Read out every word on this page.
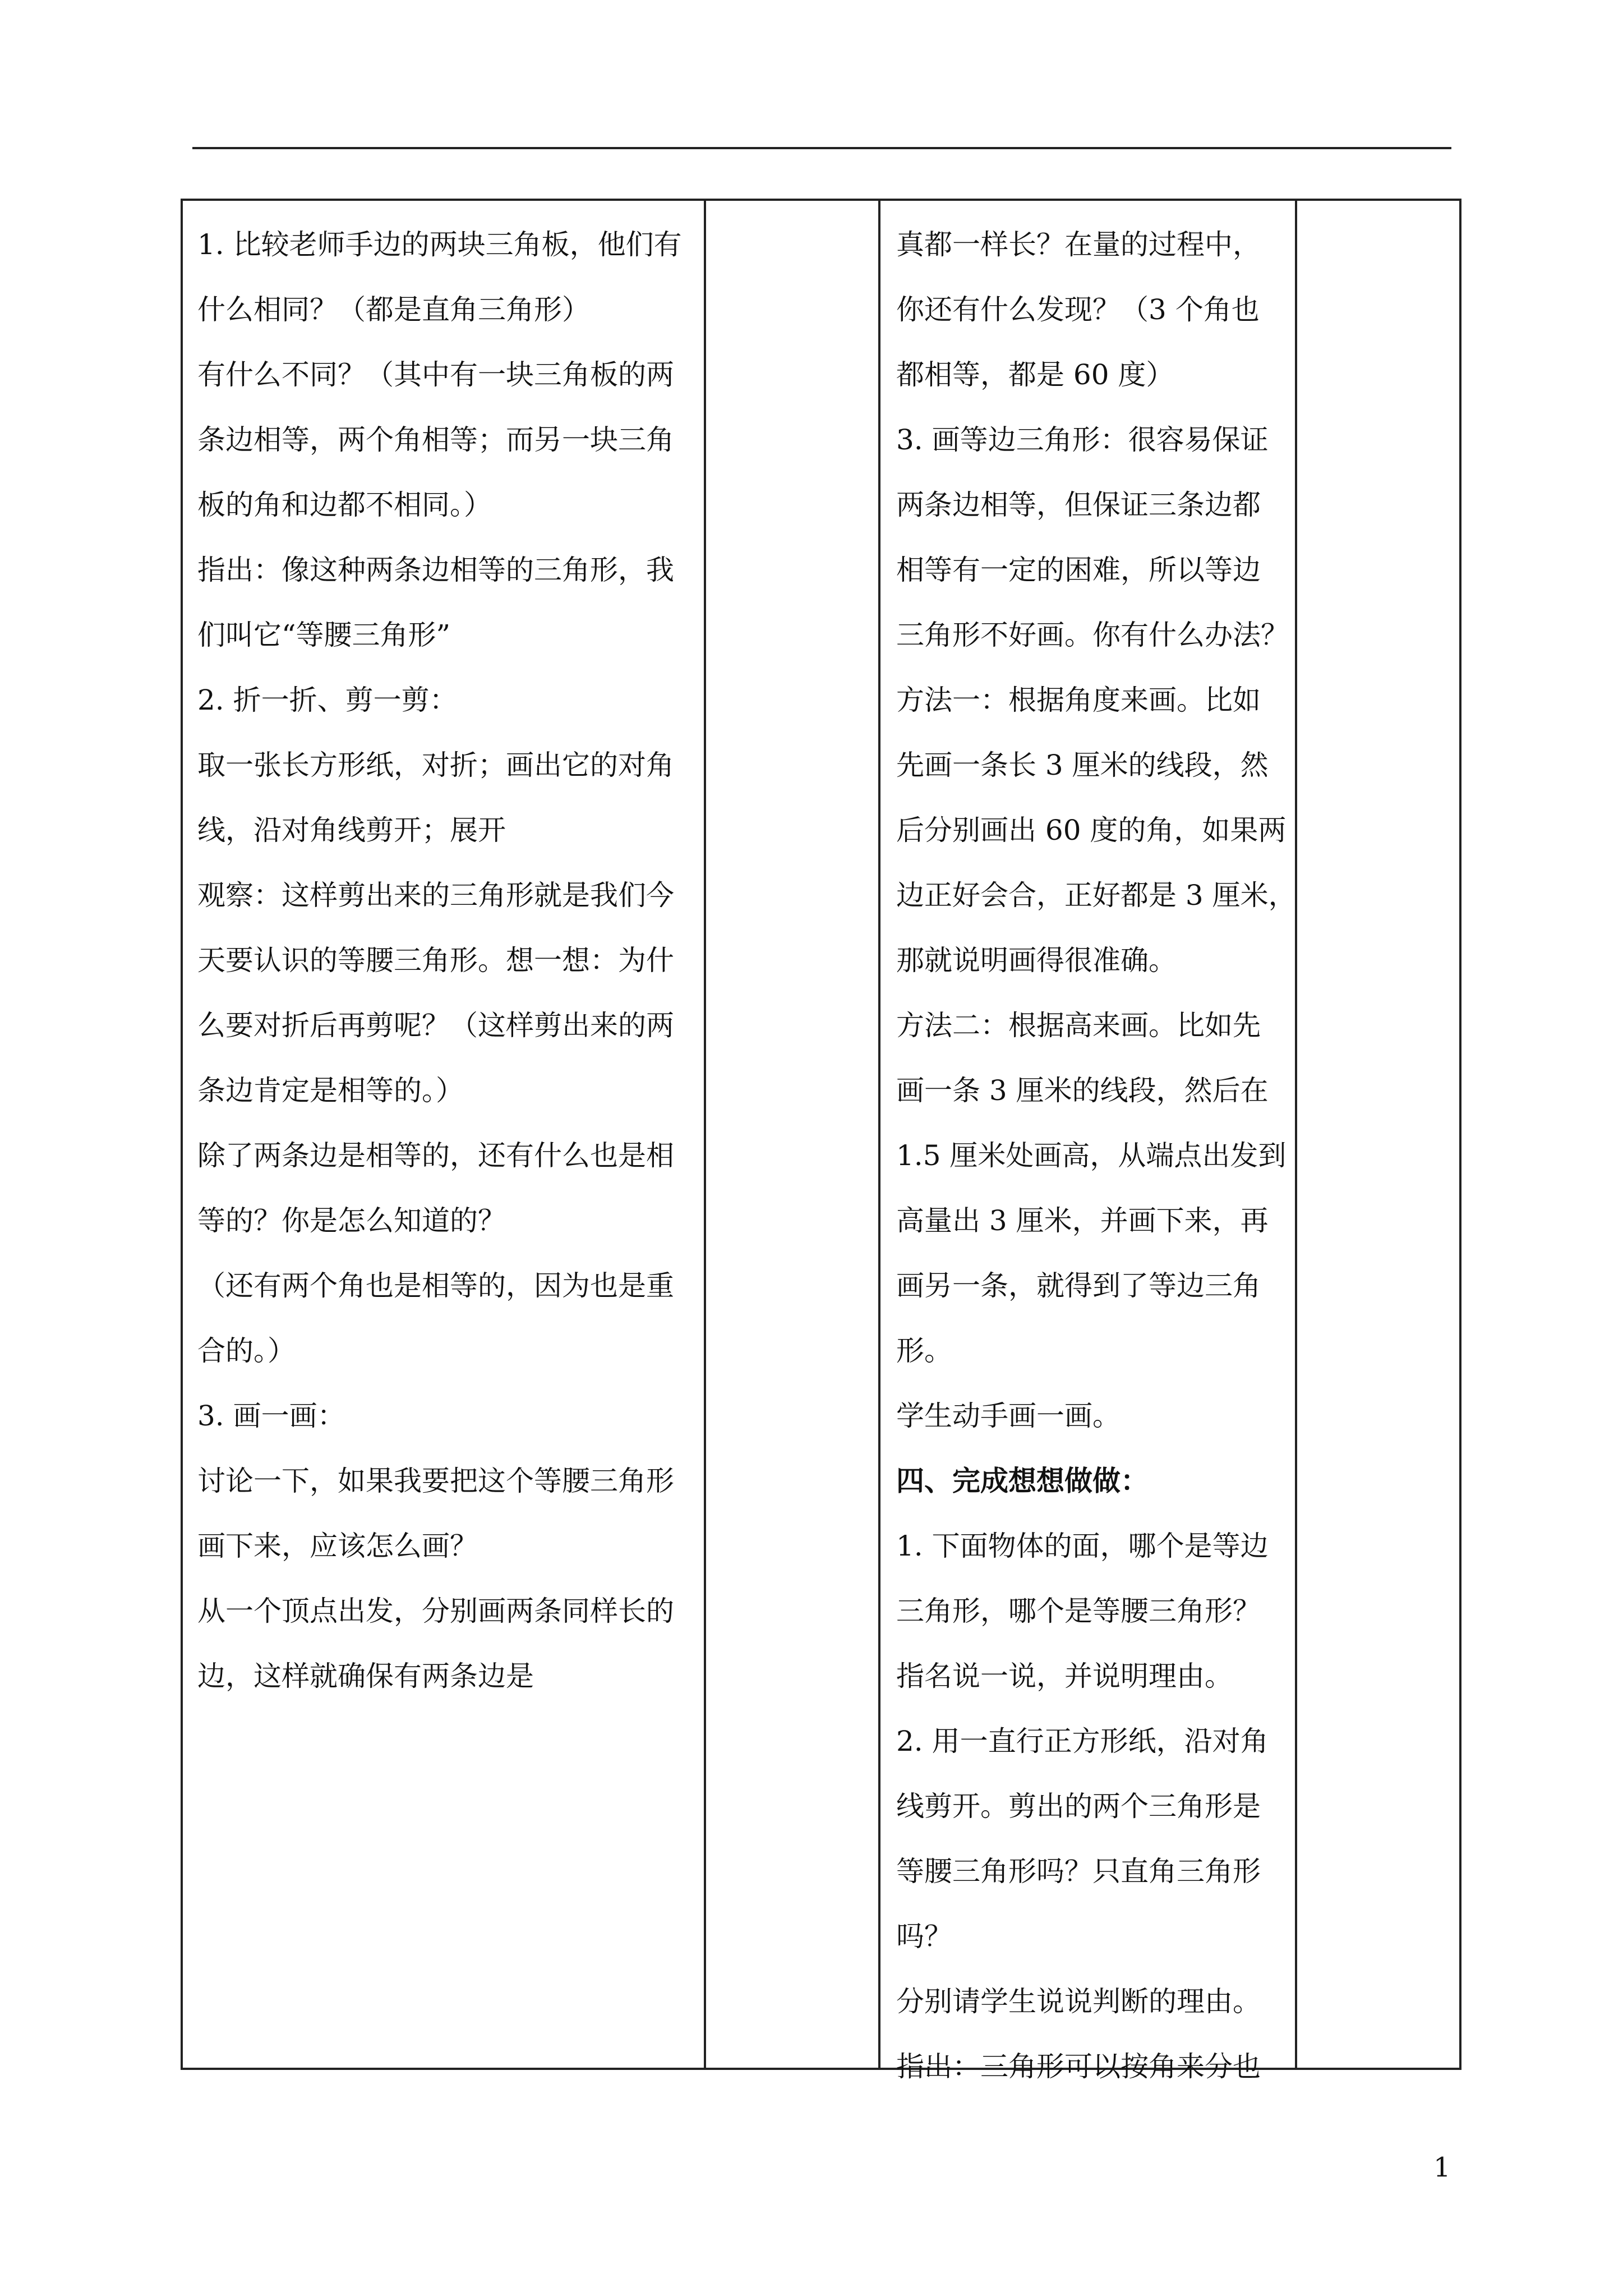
1. 比较老师手边的两块三角板，他们有
什么相同？（都是直角三角形）
有什么不同？（其中有一块三角板的两
条边相等，两个角相等；而另一块三角
板的角和边都不相同。）
指出：像这种两条边相等的三角形，我
们叫它“等腰三角形”
2. 折一折、剪一剪：
取一张长方形纸，对折；画出它的对角
线，沿对角线剪开；展开
观察：这样剪出来的三角形就是我们今
天要认识的等腰三角形。想一想：为什
么要对折后再剪呢？（这样剪出来的两
条边肯定是相等的。）
除了两条边是相等的，还有什么也是相
等的？你是怎么知道的？
（还有两个角也是相等的，因为也是重
合的。）
3. 画一画：
讨论一下，如果我要把这个等腰三角形
画下来，应该怎么画？
从一个顶点出发，分别画两条同样长的
边，这样就确保有两条边是
真都一样长？在量的过程中，
你还有什么发现？（3 个角也
都相等，都是 60 度）
3. 画等边三角形：很容易保证
两条边相等，但保证三条边都
相等有一定的困难，所以等边
三角形不好画。你有什么办法？
方法一：根据角度来画。比如
先画一条长 3 厘米的线段，然
后分别画出 60 度的角，如果两
边正好会合，正好都是 3 厘米，
那就说明画得很准确。
方法二：根据高来画。比如先
画一条 3 厘米的线段，然后在
1.5 厘米处画高，从端点出发到
高量出 3 厘米，并画下来，再
画另一条，就得到了等边三角
形。
学生动手画一画。
四、完成想想做做：
1. 下面物体的面，哪个是等边
三角形，哪个是等腰三角形？
指名说一说，并说明理由。
2. 用一直行正方形纸，沿对角
线剪开。剪出的两个三角形是
等腰三角形吗？只直角三角形
吗？
分别请学生说说判断的理由。
指出：三角形可以按角来分也
1
